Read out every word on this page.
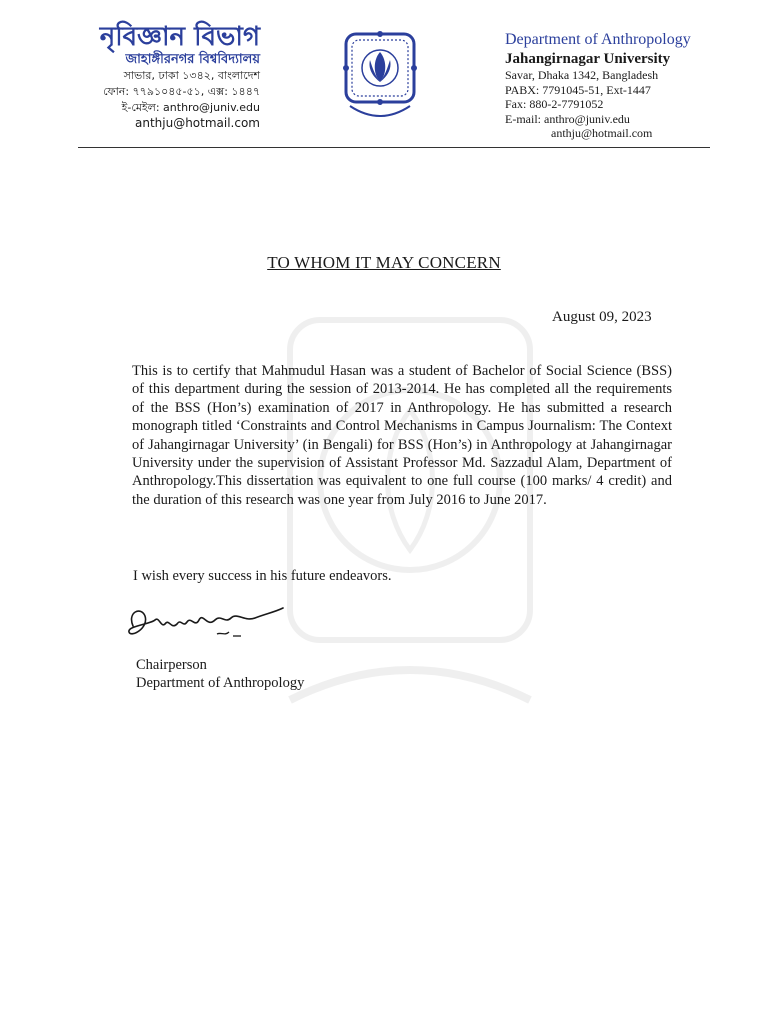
নৃবিজ্ঞান বিভাগ
জাহাঙ্গীরনগর বিশ্ববিদ্যালয়
সাভার, ঢাকা ১৩৪২, বাংলাদেশ
ফোন: ৭৭৯১০৪৫-৫১, এক্স: ১৪৪৭
ই-মেইল: anthro@juniv.edu
anthju@hotmail.com
Department of Anthropology
Jahangirnagar University
Savar, Dhaka 1342, Bangladesh
PABX: 7791045-51, Ext-1447
Fax: 880-2-7791052
E-mail: anthro@juniv.edu
anthju@hotmail.com
TO WHOM IT MAY CONCERN
August 09, 2023
This is to certify that Mahmudul Hasan was a student of Bachelor of Social Science (BSS) of this department during the session of 2013-2014. He has completed all the requirements of the BSS (Hon’s) examination of 2017 in Anthropology. He has submitted a research monograph titled ‘Constraints and Control Mechanisms in Campus Journalism: The Context of Jahangirnagar University’ (in Bengali) for BSS (Hon’s) in Anthropology at Jahangirnagar University under the supervision of Assistant Professor Md. Sazzadul Alam, Department of Anthropology.This dissertation was equivalent to one full course (100 marks/ 4 credit) and the duration of this research was one year from July 2016 to June 2017.
I wish every success in his future endeavors.
Chairperson
Department of Anthropology
